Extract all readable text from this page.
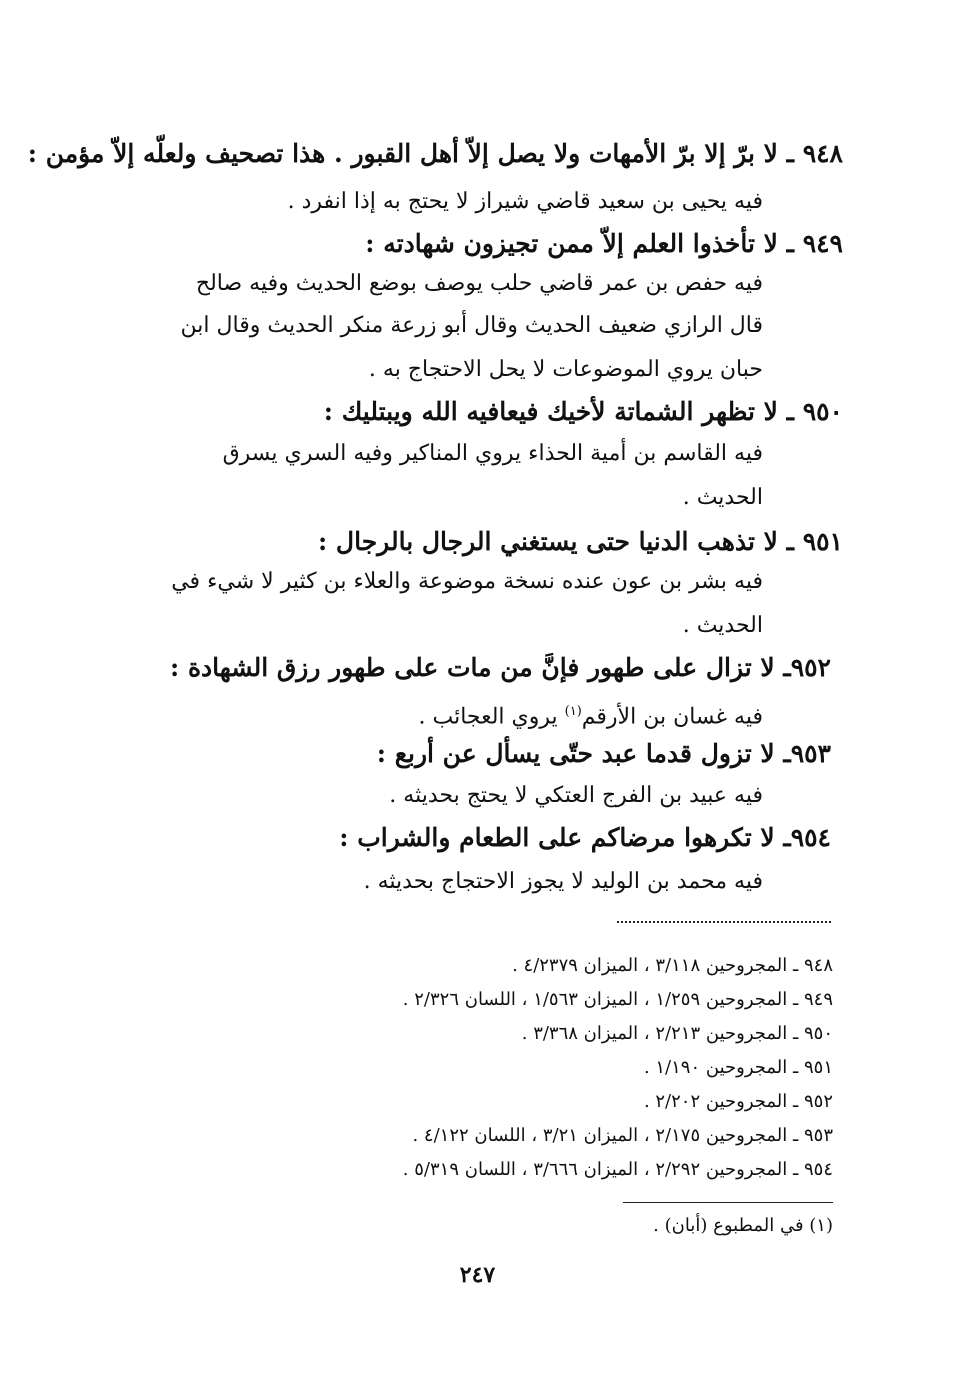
٩٤٨ ـ لا برّ إلا برّ الأمهات ولا يصل إلاّ أهل القبور . هذا تصحيف ولعلّه إلاّ مؤمن :
فيه يحيى بن سعيد قاضي شيراز لا يحتج به إذا انفرد .
٩٤٩ ـ لا تأخذوا العلم إلاّ ممن تجيزون شهادته :
فيه حفص بن عمر قاضي حلب يوصف بوضع الحديث وفيه صالح
قال الرازي ضعيف الحديث وقال أبو زرعة منكر الحديث وقال ابن
حبان يروي الموضوعات لا يحل الاحتجاج به .
٩٥٠ ـ لا تظهر الشماتة لأخيك فيعافيه الله ويبتليك :
فيه القاسم بن أمية الحذاء يروي المناكير وفيه السري يسرق
الحديث .
٩٥١ ـ لا تذهب الدنيا حتى يستغني الرجال بالرجال :
فيه بشر بن عون عنده نسخة موضوعة والعلاء بن كثير لا شيء في
الحديث .
٩٥٢ـ لا تزال على طهور فإنَّ من مات على طهور رزق الشهادة :
فيه غسان بن الأرقم$^{(١)}$ يروي العجائب .
٩٥٣ـ لا تزول قدما عبد حتّى يسأل عن أربع :
فيه عبيد بن الفرج العتكي لا يحتج بحديثه .
٩٥٤ـ لا تكرهوا مرضاكم على الطعام والشراب :
فيه محمد بن الوليد لا يجوز الاحتجاج بحديثه .
٩٤٨ ـ المجروحين ٣/١١٨ ، الميزان ٤/٢٣٧٩ .
٩٤٩ ـ المجروحين ١/٢٥٩ ، الميزان ١/٥٦٣ ، اللسان ٢/٣٢٦ .
٩٥٠ ـ المجروحين ٢/٢١٣ ، الميزان ٣/٣٦٨ .
٩٥١ ـ المجروحين ١/١٩٠ .
٩٥٢ ـ المجروحين ٢/٢٠٢ .
٩٥٣ ـ المجروحين ٢/١٧٥ ، الميزان ٣/٢١ ، اللسان ٤/١٢٢ .
٩٥٤ ـ المجروحين ٢/٢٩٢ ، الميزان ٣/٦٦٦ ، اللسان ٥/٣١٩ .
(١) في المطبوع (أبان) .
٢٤٧
